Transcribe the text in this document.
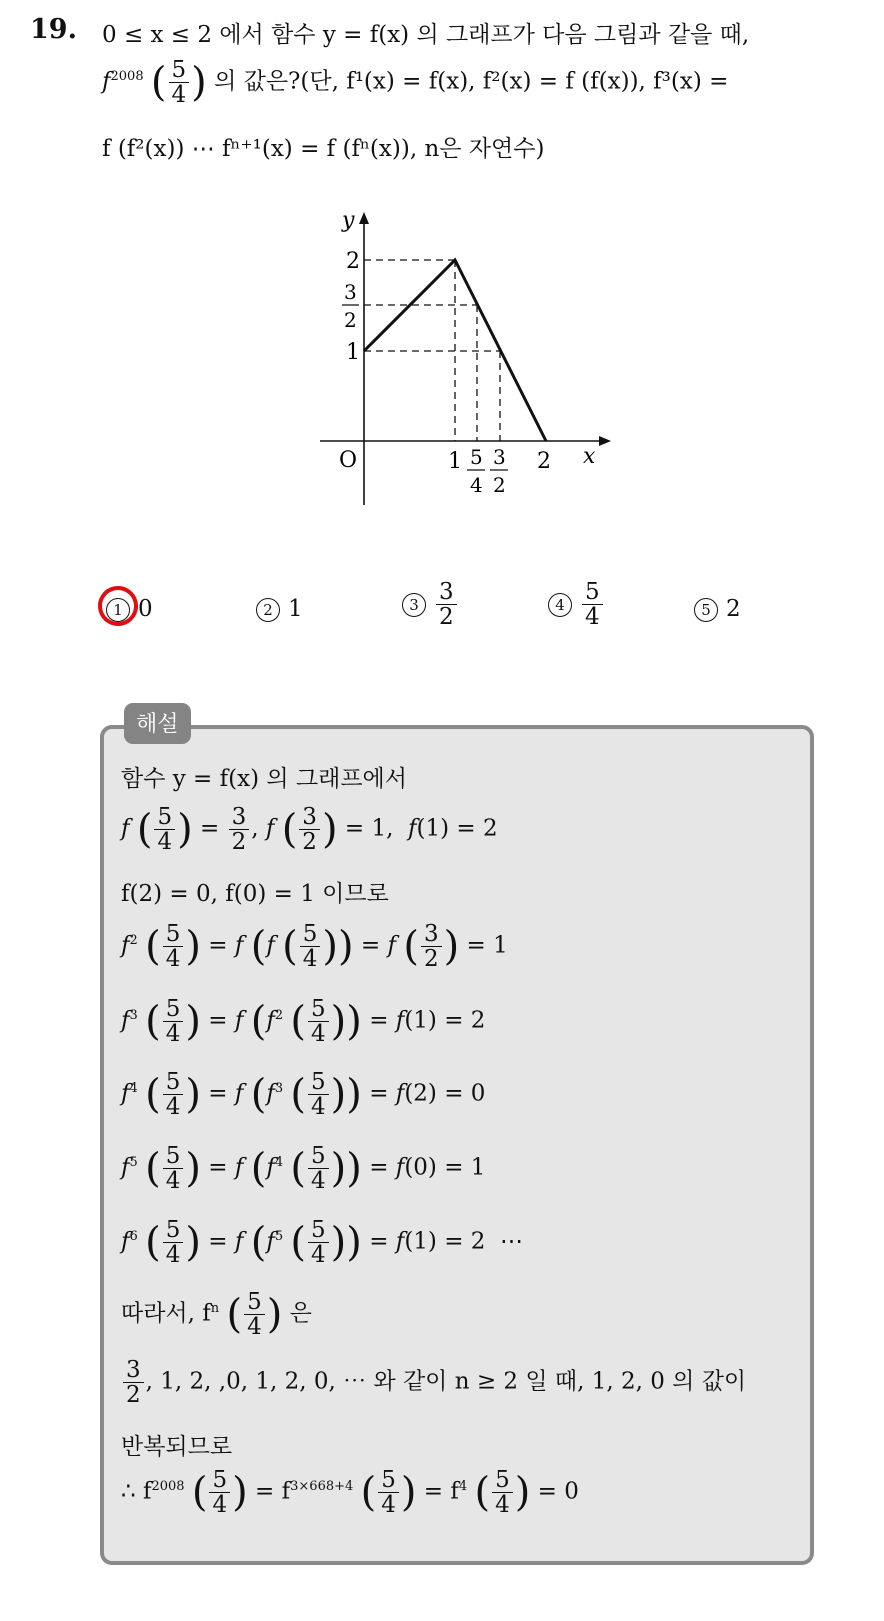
19. 0 ≤ x ≤ 2 에서 함수 y = f(x) 의 그래프가 다음 그림과 같을 때,
$f^{2008}$ ( $\frac{5}{4}$ ) 의 값은?(단, f¹(x) = f(x), f²(x) = f (f(x)), f³(x) =
f (f²(x)) ⋯ fⁿ⁺¹(x) = f (fⁿ(x)), n은 자연수)
y
x
O
2
3
2
1
1 5
4
3
2
2
1 0	2 1	$3 \frac{3}{2}$	$4 \frac{5}{4}$	5 2
해설
함수 y = f(x) 의 그래프에서
f ( $\frac{5}{4}$ ) = $\frac{3}{2}$ , f ( $\frac{3}{2}$ ) = 1,  f(1) = 2
f(2) = 0, f(0) = 1 이므로
$f^2$ ( $\frac{5}{4}$ ) = f (f ( $\frac{5}{4}$ )) = f ( $\frac{3}{2}$ ) = 1
$f^3$ ( $\frac{5}{4}$ ) = f ($f^2$ ( $\frac{5}{4}$ )) = f(1) = 2
$f^4$ ( $\frac{5}{4}$ ) = f ($f^3$ ( $\frac{5}{4}$ )) = f(2) = 0
$f^5$ ( $\frac{5}{4}$ ) = f ($f^4$ ( $\frac{5}{4}$ )) = f(0) = 1
$f^6$ ( $\frac{5}{4}$ ) = f ($f^5$ ( $\frac{5}{4}$ )) = f(1) = 2  ⋯
따라서, $f^n$ ( $\frac{5}{4}$ ) 은
$\frac{3}{2}$ , 1, 2, ,0, 1, 2, 0, ⋯ 와 같이 n ≥ 2 일 때, 1, 2, 0 의 값이
반복되므로
∴ $f^{2008}$ ( $\frac{5}{4}$ ) = $f^{3\times 668+4}$ ( $\frac{5}{4}$ ) = $f^4$ ( $\frac{5}{4}$ ) = 0
